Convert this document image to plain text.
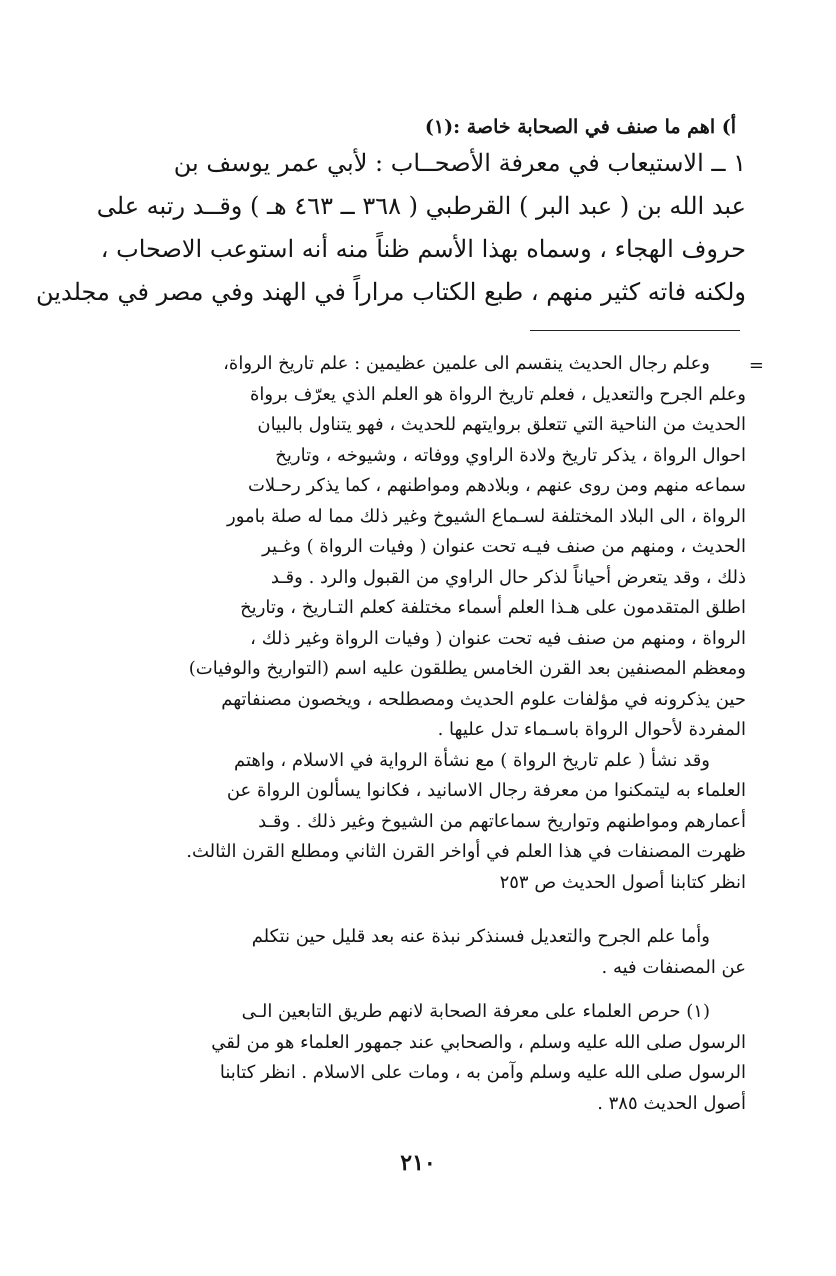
أ) اهم ما صنف في الصحابة خاصة :(١)
١ ــ الاستيعاب في معرفة الأصحــاب : لأبي عمر يوسف بن
عبد الله بن ( عبد البر ) القرطبي ( ٣٦٨ ــ ٤٦٣ هـ ) وقــد رتبه على
حروف الهجاء ، وسماه بهذا الأسم ظناً منه أنه استوعب الاصحاب ،
ولكنه فاته كثير منهم ، طبع الكتاب مراراً في الهند وفي مصر في مجلدين
=
وعلم رجال الحديث ينقسم الى علمين عظيمين : علم تاريخ الرواة،
وعلم الجرح والتعديل ، فعلم تاريخ الرواة هو العلم الذي يعرّف برواة
الحديث من الناحية التي تتعلق بروايتهم للحديث ، فهو يتناول بالبيان
احوال الرواة ، يذكر تاريخ ولادة الراوي ووفاته ، وشيوخه ، وتاريخ
سماعه منهم ومن روى عنهم ، وبلادهم ومواطنهم ، كما يذكر رحـلات
الرواة ، الى البلاد المختلفة لسـماع الشيوخ وغير ذلك مما له صلة بامور
الحديث ، ومنهم من صنف فيـه تحت عنوان ( وفيات الرواة ) وغـير
ذلك ، وقد يتعرض أحياناً لذكر حال الراوي من القبول والرد . وقـد
اطلق المتقدمون على هـذا العلم أسماء مختلفة كعلم التـاريخ ، وتاريخ
الرواة ، ومنهم من صنف فيه تحت عنوان ( وفيات الرواة وغير ذلك ،
ومعظم المصنفين بعد القرن الخامس يطلقون عليه اسم (التواريخ والوفيات)
حين يذكرونه في مؤلفات علوم الحديث ومصطلحه ، ويخصون مصنفاتهم
المفردة لأحوال الرواة باسـماء تدل عليها .
وقد نشأ ( علم تاريخ الرواة ) مع نشأة الرواية في الاسلام ، واهتم
العلماء به ليتمكنوا من معرفة رجال الاسانيد ، فكانوا يسألون الرواة عن
أعمارهم ومواطنهم وتواريخ سماعاتهم من الشيوخ وغير ذلك . وقـد
ظهرت المصنفات في هذا العلم في أواخر القرن الثاني ومطلع القرن الثالث.
انظر كتابنا أصول الحديث ص ٢٥٣
وأما علم الجرح والتعديل فسنذكر نبذة عنه بعد قليل حين نتكلم
عن المصنفات فيه .
(١) حرص العلماء على معرفة الصحابة لانهم طريق التابعين الـى
الرسول صلى الله عليه وسلم ، والصحابي عند جمهور العلماء هو من لقي
الرسول صلى الله عليه وسلم وآمن به ، ومات على الاسلام . انظر كتابنا
أصول الحديث ٣٨٥ .
٢١٠
